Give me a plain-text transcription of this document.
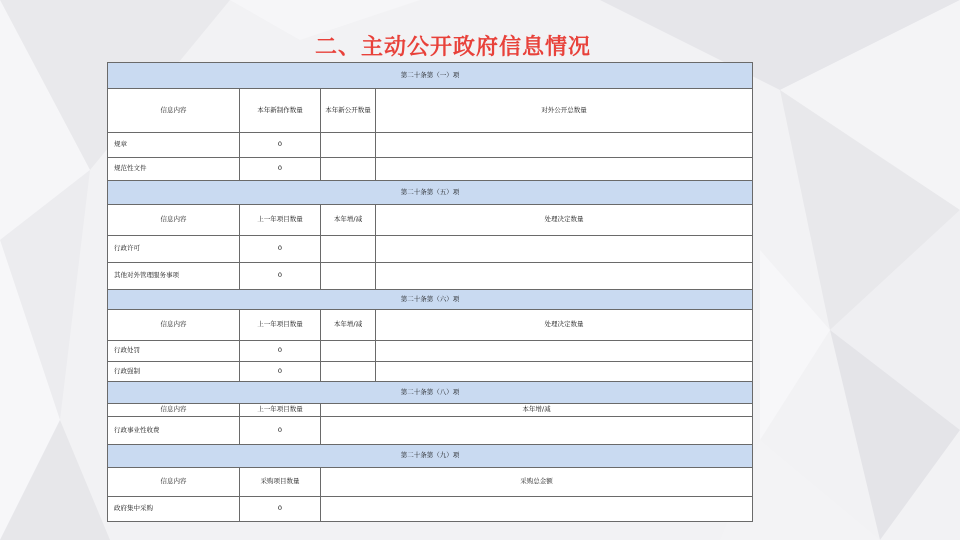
二、主动公开政府信息情况
第二十条第（一）项			
信息内容	本年新制作数量	本年新公开数量	对外公开总数量
规章	0		
规范性文件	0		
第二十条第（五）项			
信息内容	上一年项目数量	本年增/减	处理决定数量
行政许可	0		
其他对外管理服务事项	0		
第二十条第（六）项			
信息内容	上一年项目数量	本年增/减	处理决定数量
行政处罚	0		
行政强制	0		
第二十条第（八）项			
信息内容	上一年项目数量	本年增/减	
行政事业性收费	0		
第二十条第（九）项			
信息内容	采购项目数量	采购总金额	
政府集中采购	0		
